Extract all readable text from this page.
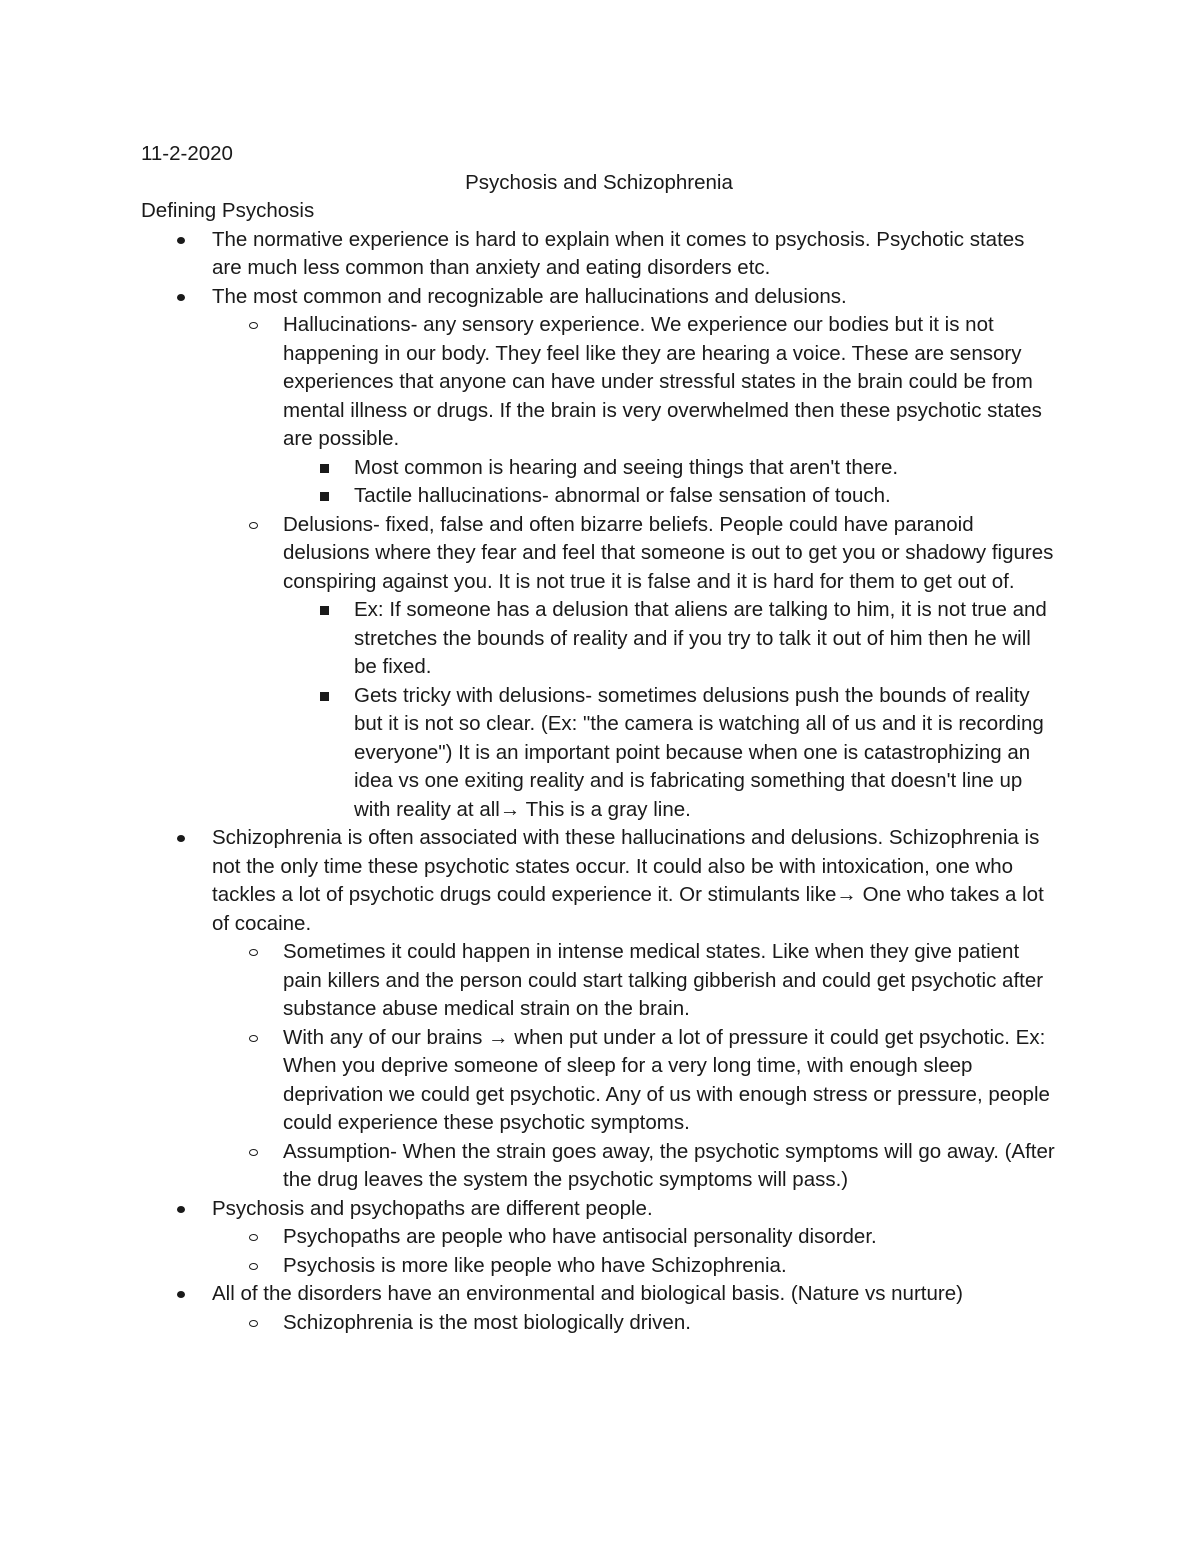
11-2-2020

Psychosis and Schizophrenia

Defining Psychosis

The normative experience is hard to explain when it comes to psychosis. Psychotic states are much less common than anxiety and eating disorders etc.
The most common and recognizable are hallucinations and delusions.
Hallucinations- any sensory experience. We experience our bodies but it is not happening in our body. They feel like they are hearing a voice. These are sensory experiences that anyone can have under stressful states in the brain could be from mental illness or drugs. If the brain is very overwhelmed then these psychotic states are possible.
Most common is hearing and seeing things that aren't there.
Tactile hallucinations- abnormal or false sensation of touch.
Delusions- fixed, false and often bizarre beliefs. People could have paranoid delusions where they fear and feel that someone is out to get you or shadowy figures conspiring against you. It is not true it is false and it is hard for them to get out of.
Ex: If someone has a delusion that aliens are talking to him, it is not true and stretches the bounds of reality and if you try to talk it out of him then he will be fixed.
Gets tricky with delusions- sometimes delusions push the bounds of reality but it is not so clear. (Ex: "the camera is watching all of us and it is recording everyone") It is an important point because when one is catastrophizing an idea vs one exiting reality and is fabricating something that doesn't line up with reality at all→ This is a gray line.
Schizophrenia is often associated with these hallucinations and delusions. Schizophrenia is not the only time these psychotic states occur. It could also be with intoxication, one who tackles a lot of psychotic drugs could experience it. Or stimulants like→ One who takes a lot of cocaine.
Sometimes it could happen in intense medical states. Like when they give patient pain killers and the person could start talking gibberish and could get psychotic after substance abuse medical strain on the brain.
With any of our brains → when put under a lot of pressure it could get psychotic. Ex: When you deprive someone of sleep for a very long time, with enough sleep deprivation we could get psychotic. Any of us with enough stress or pressure, people could experience these psychotic symptoms.
Assumption- When the strain goes away, the psychotic symptoms will go away. (After the drug leaves the system the psychotic symptoms will pass.)
Psychosis and psychopaths are different people.
Psychopaths are people who have antisocial personality disorder.
Psychosis is more like people who have Schizophrenia.
All of the disorders have an environmental and biological basis. (Nature vs nurture)
Schizophrenia is the most biologically driven.
